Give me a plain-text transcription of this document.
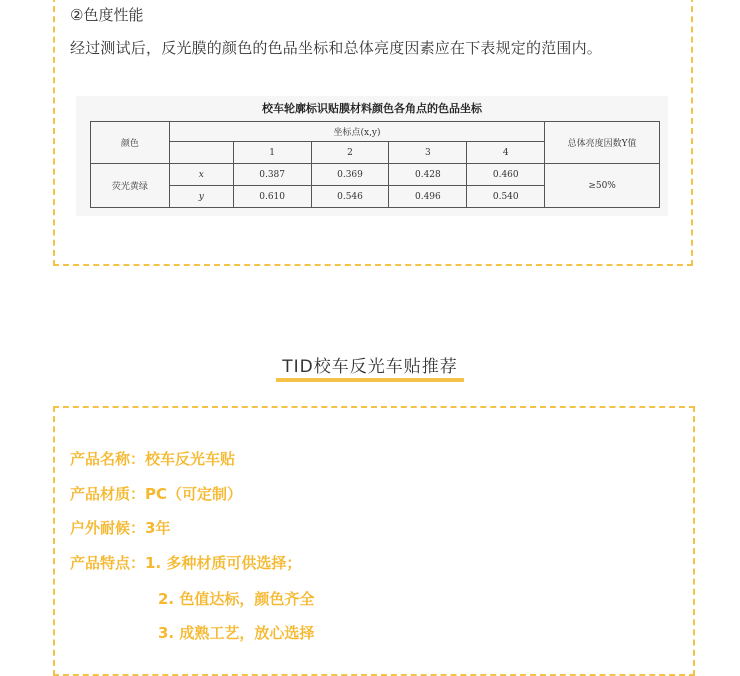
②色度性能
经过测试后，反光膜的颜色的色品坐标和总体亮度因素应在下表规定的范围内。
校车轮廓标识贴膜材料颜色各角点的色品坐标
颜色	坐标点(x,y)					总体亮度因数Y值
		1	2	3	4	
荧光黄绿	x	0.387	0.369	0.428	0.460	≥50%
	y	0.610	0.546	0.496	0.540	
TID校车反光车贴推荐
产品名称：校车反光车贴
产品材质：PC（可定制）
户外耐候：3年
产品特点：1. 多种材质可供选择；
2. 色值达标，颜色齐全
3. 成熟工艺，放心选择
